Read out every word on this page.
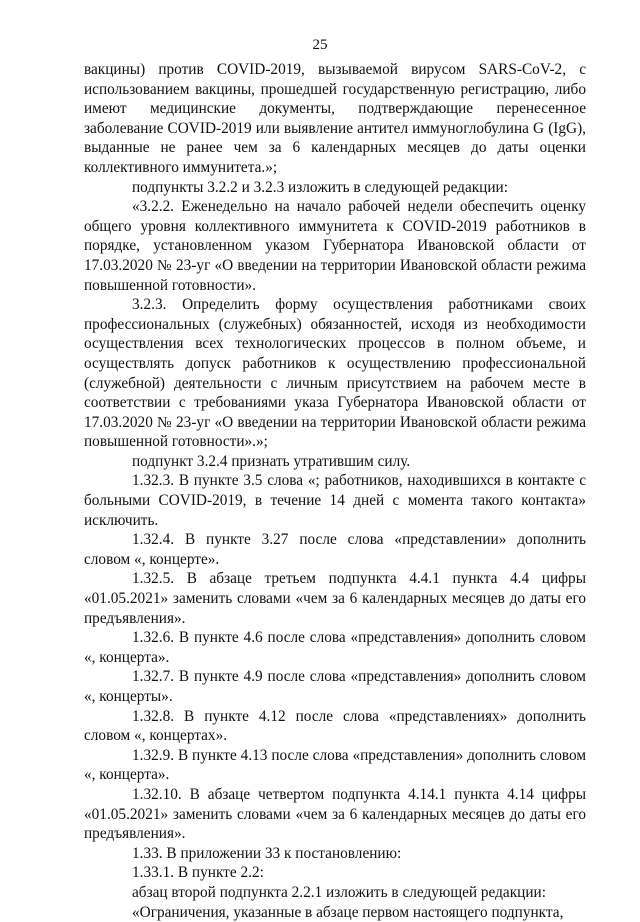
25

вакцины) против COVID-2019, вызываемой вирусом SARS-CoV-2, с использованием вакцины, прошедшей государственную регистрацию, либо имеют медицинские документы, подтверждающие перенесенное заболевание COVID-2019 или выявление антител иммуноглобулина G (IgG), выданные не ранее чем за 6 календарных месяцев до даты оценки коллективного иммунитета.»;

подпункты 3.2.2 и 3.2.3 изложить в следующей редакции:

«3.2.2. Еженедельно на начало рабочей недели обеспечить оценку общего уровня коллективного иммунитета к COVID-2019 работников в порядке, установленном указом Губернатора Ивановской области от 17.03.2020 № 23-уг «О введении на территории Ивановской области режима повышенной готовности».

3.2.3. Определить форму осуществления работниками своих профессиональных (служебных) обязанностей, исходя из необходимости осуществления всех технологических процессов в полном объеме, и осуществлять допуск работников к осуществлению профессиональной (служебной) деятельности с личным присутствием на рабочем месте в соответствии с требованиями указа Губернатора Ивановской области от 17.03.2020 № 23-уг «О введении на территории Ивановской области режима повышенной готовности».»;

подпункт 3.2.4 признать утратившим силу.

1.32.3. В пункте 3.5 слова «; работников, находившихся в контакте с больными COVID-2019, в течение 14 дней с момента такого контакта» исключить.

1.32.4. В пункте 3.27 после слова «представлении» дополнить словом «, концерте».

1.32.5. В абзаце третьем подпункта 4.4.1 пункта 4.4 цифры «01.05.2021» заменить словами «чем за 6 календарных месяцев до даты его предъявления».

1.32.6. В пункте 4.6 после слова «представления» дополнить словом «, концерта».

1.32.7. В пункте 4.9 после слова «представления» дополнить словом «, концерты».

1.32.8. В пункте 4.12 после слова «представлениях» дополнить словом «, концертах».

1.32.9. В пункте 4.13 после слова «представления» дополнить словом «, концерта».

1.32.10. В абзаце четвертом подпункта 4.14.1 пункта 4.14 цифры «01.05.2021» заменить словами «чем за 6 календарных месяцев до даты его предъявления».

1.33. В приложении 33 к постановлению:

1.33.1. В пункте 2.2:

абзац второй подпункта 2.2.1 изложить в следующей редакции:

«Ограничения, указанные в абзаце первом настоящего подпункта,
